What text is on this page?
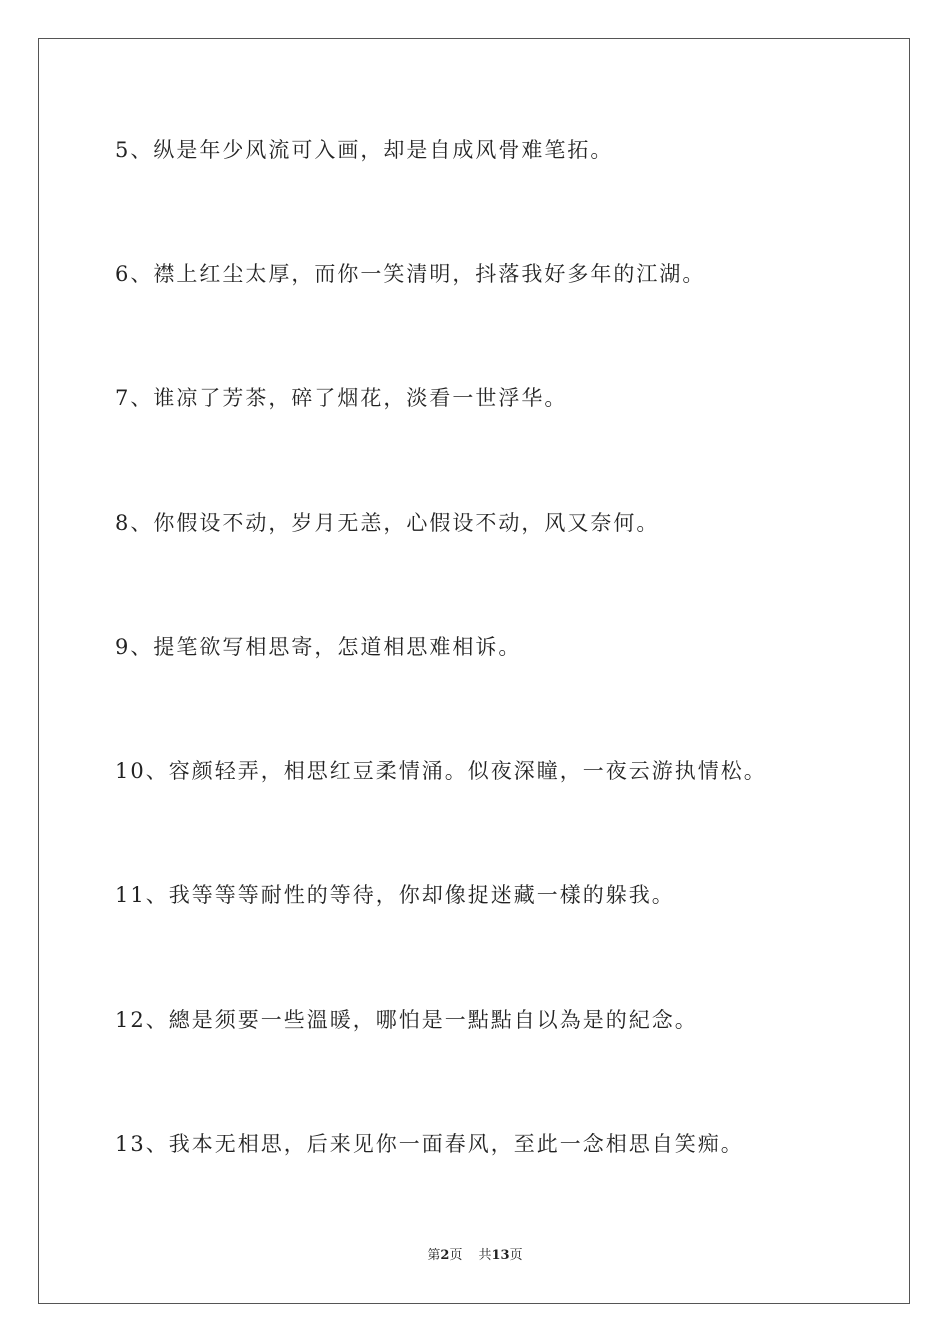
5、纵是年少风流可入画，却是自成风骨难笔拓。
6、襟上红尘太厚，而你一笑清明，抖落我好多年的江湖。
7、谁凉了芳茶，碎了烟花，淡看一世浮华。
8、你假设不动，岁月无恙，心假设不动，风又奈何。
9、提笔欲写相思寄，怎道相思难相诉。
10、容颜轻弄，相思红豆柔情涌。似夜深瞳，一夜云游执情松。
11、我等等等耐性的等待，你却像捉迷藏一樣的躲我。
12、總是须要一些溫暖，哪怕是一點點自以為是的紀念。
13、我本无相思，后来见你一面春风，至此一念相思自笑痴。
第2页 共13页
